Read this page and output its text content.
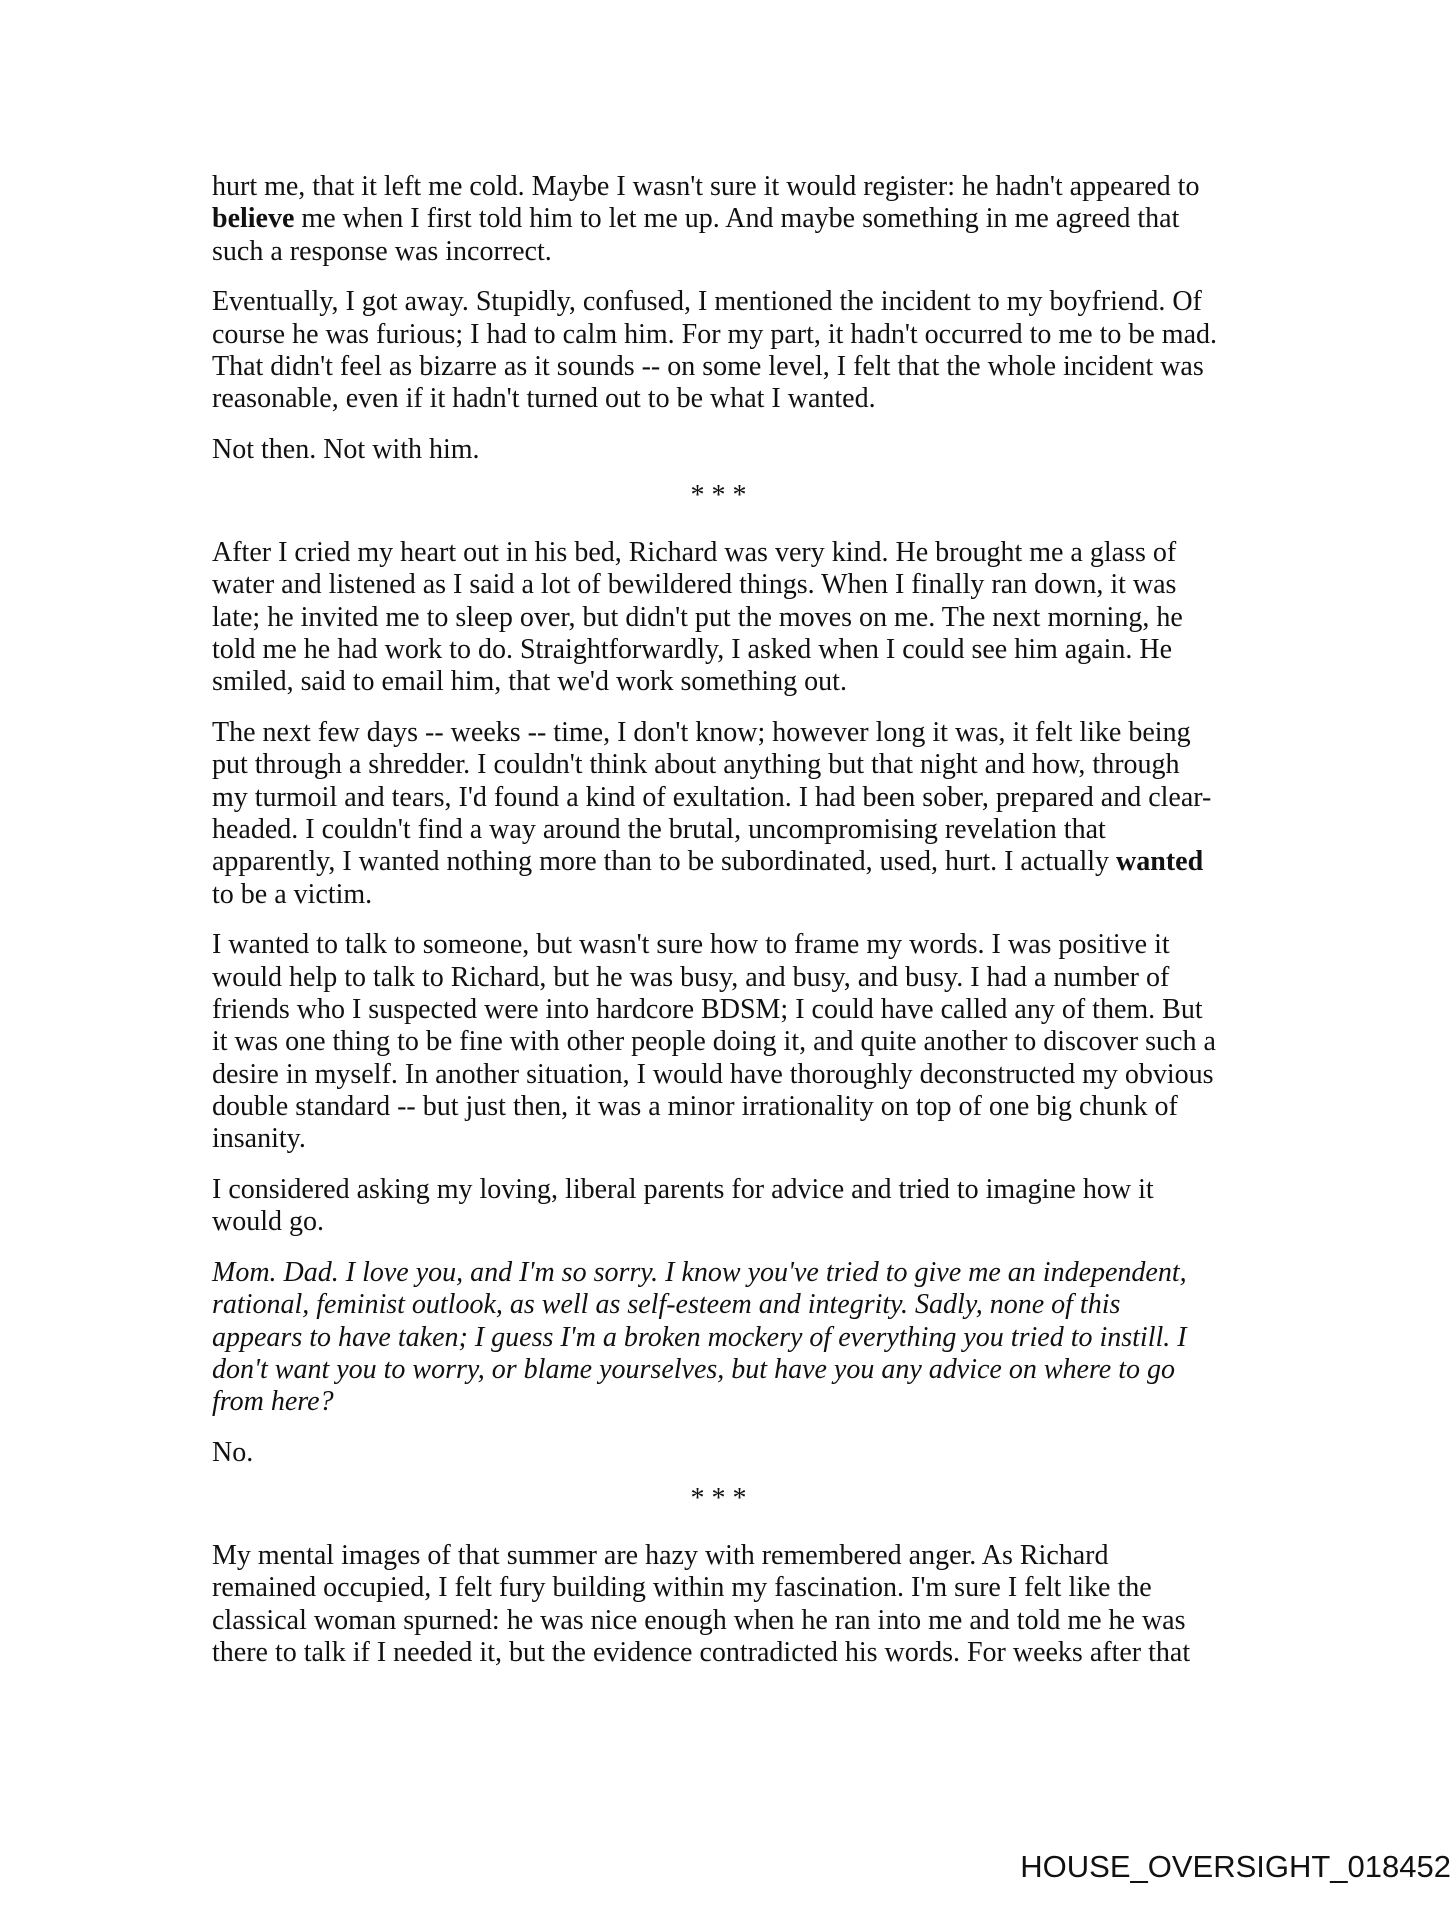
hurt me, that it left me cold. Maybe I wasn't sure it would register: he hadn't appeared to
believe me when I first told him to let me up. And maybe something in me agreed that
such a response was incorrect.
Eventually, I got away. Stupidly, confused, I mentioned the incident to my boyfriend. Of
course he was furious; I had to calm him. For my part, it hadn't occurred to me to be mad.
That didn't feel as bizarre as it sounds -- on some level, I felt that the whole incident was
reasonable, even if it hadn't turned out to be what I wanted.
Not then. Not with him.
* * *
After I cried my heart out in his bed, Richard was very kind. He brought me a glass of
water and listened as I said a lot of bewildered things. When I finally ran down, it was
late; he invited me to sleep over, but didn't put the moves on me. The next morning, he
told me he had work to do. Straightforwardly, I asked when I could see him again. He
smiled, said to email him, that we'd work something out.
The next few days -- weeks -- time, I don't know; however long it was, it felt like being
put through a shredder. I couldn't think about anything but that night and how, through
my turmoil and tears, I'd found a kind of exultation. I had been sober, prepared and clear-
headed. I couldn't find a way around the brutal, uncompromising revelation that
apparently, I wanted nothing more than to be subordinated, used, hurt. I actually wanted
to be a victim.
I wanted to talk to someone, but wasn't sure how to frame my words. I was positive it
would help to talk to Richard, but he was busy, and busy, and busy. I had a number of
friends who I suspected were into hardcore BDSM; I could have called any of them. But
it was one thing to be fine with other people doing it, and quite another to discover such a
desire in myself. In another situation, I would have thoroughly deconstructed my obvious
double standard -- but just then, it was a minor irrationality on top of one big chunk of
insanity.
I considered asking my loving, liberal parents for advice and tried to imagine how it
would go.
Mom. Dad. I love you, and I'm so sorry. I know you've tried to give me an independent,
rational, feminist outlook, as well as self-esteem and integrity. Sadly, none of this
appears to have taken; I guess I'm a broken mockery of everything you tried to instill. I
don't want you to worry, or blame yourselves, but have you any advice on where to go
from here?
No.
* * *
My mental images of that summer are hazy with remembered anger. As Richard
remained occupied, I felt fury building within my fascination. I'm sure I felt like the
classical woman spurned: he was nice enough when he ran into me and told me he was
there to talk if I needed it, but the evidence contradicted his words. For weeks after that
HOUSE_OVERSIGHT_018452
